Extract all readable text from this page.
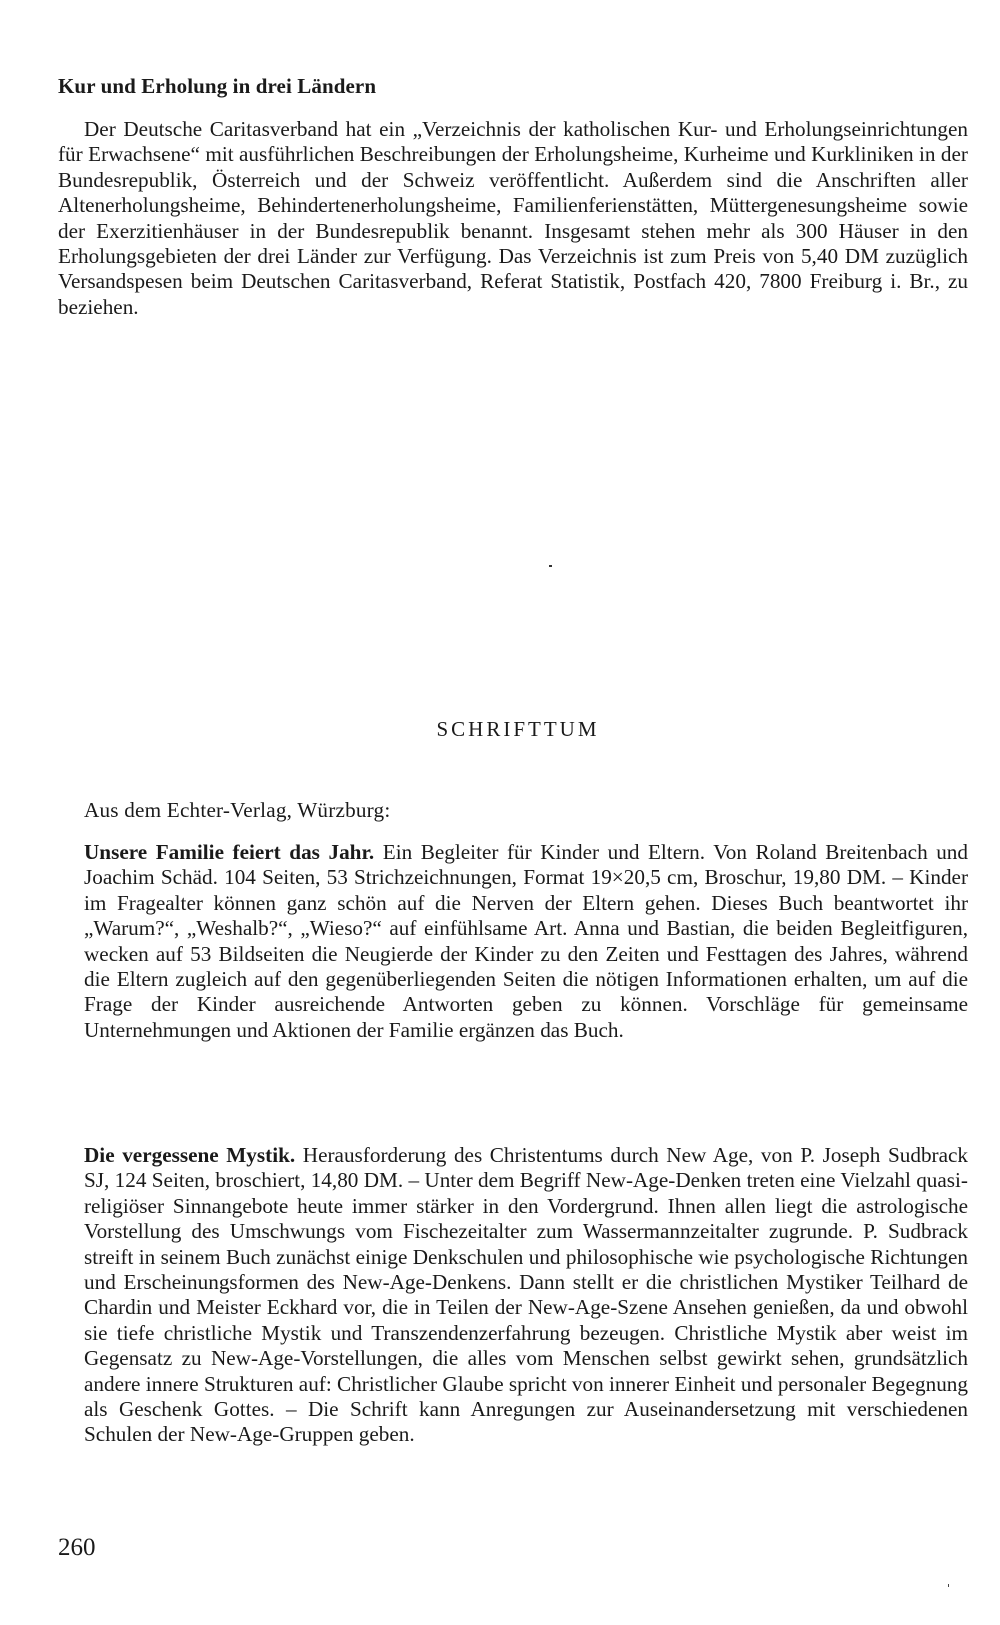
Kur und Erholung in drei Ländern
Der Deutsche Caritasverband hat ein „Verzeichnis der katholischen Kur- und Erholungseinrichtungen für Erwachsene“ mit ausführlichen Beschreibungen der Erholungsheime, Kurheime und Kurkliniken in der Bundesrepublik, Österreich und der Schweiz veröffentlicht. Außerdem sind die Anschriften aller Altenerholungsheime, Behindertenerholungsheime, Familienferienstätten, Müttergenesungsheime sowie der Exerzitienhäuser in der Bundesrepublik benannt. Insgesamt stehen mehr als 300 Häuser in den Erholungsgebieten der drei Länder zur Verfügung. Das Verzeichnis ist zum Preis von 5,40 DM zuzüglich Versandspesen beim Deutschen Caritasverband, Referat Statistik, Postfach 420, 7800 Freiburg i. Br., zu beziehen.
SCHRIFTTUM
Aus dem Echter-Verlag, Würzburg:
Unsere Familie feiert das Jahr. Ein Begleiter für Kinder und Eltern. Von Roland Breitenbach und Joachim Schäd. 104 Seiten, 53 Strichzeichnungen, Format 19×20,5 cm, Broschur, 19,80 DM. – Kinder im Fragealter können ganz schön auf die Nerven der Eltern gehen. Dieses Buch beantwortet ihr „Warum?“, „Weshalb?“, „Wieso?“ auf einfühlsame Art. Anna und Bastian, die beiden Begleitfiguren, wecken auf 53 Bildseiten die Neugierde der Kinder zu den Zeiten und Festtagen des Jahres, während die Eltern zugleich auf den gegenüberliegenden Seiten die nötigen Informationen erhalten, um auf die Frage der Kinder ausreichende Antworten geben zu können. Vorschläge für gemeinsame Unternehmungen und Aktionen der Familie ergänzen das Buch.
Die vergessene Mystik. Herausforderung des Christentums durch New Age, von P. Joseph Sudbrack SJ, 124 Seiten, broschiert, 14,80 DM. – Unter dem Begriff New-Age-Denken treten eine Vielzahl quasi-religiöser Sinnangebote heute immer stärker in den Vordergrund. Ihnen allen liegt die astrologische Vorstellung des Umschwungs vom Fischezeitalter zum Wassermannzeitalter zugrunde. P. Sudbrack streift in seinem Buch zunächst einige Denkschulen und philosophische wie psychologische Richtungen und Erscheinungsformen des New-Age-Denkens. Dann stellt er die christlichen Mystiker Teilhard de Chardin und Meister Eckhard vor, die in Teilen der New-Age-Szene Ansehen genießen, da und obwohl sie tiefe christliche Mystik und Transzendenzerfahrung bezeugen. Christliche Mystik aber weist im Gegensatz zu New-Age-Vorstellungen, die alles vom Menschen selbst gewirkt sehen, grundsätzlich andere innere Strukturen auf: Christlicher Glaube spricht von innerer Einheit und personaler Begegnung als Geschenk Gottes. – Die Schrift kann Anregungen zur Auseinandersetzung mit verschiedenen Schulen der New-Age-Gruppen geben.
260
